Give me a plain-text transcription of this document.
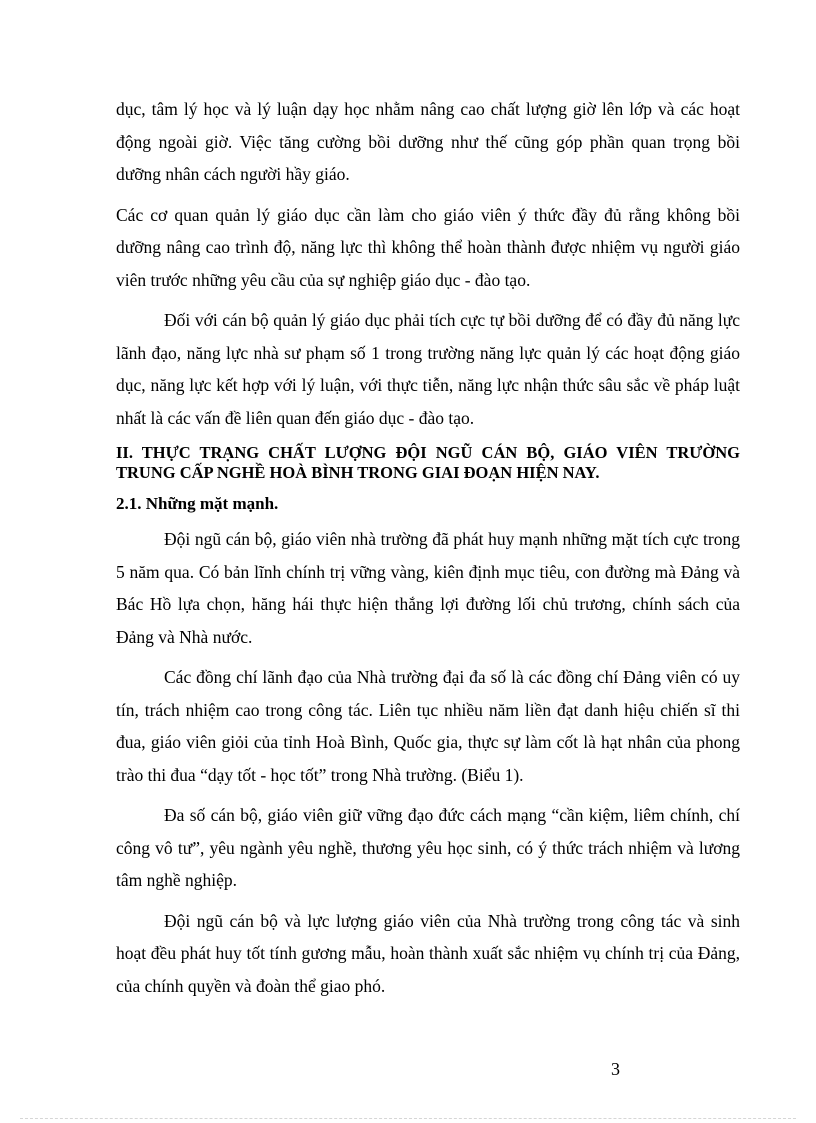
dục, tâm lý học và lý luận dạy học nhằm nâng cao chất lượng giờ lên lớp và các hoạt động ngoài giờ. Việc tăng cường bồi dưỡng như thế cũng góp phần quan trọng bồi dưỡng nhân cách người hầy giáo.

Các cơ quan quản lý giáo dục cần làm cho giáo viên ý thức đầy đủ rằng không bồi dưỡng nâng cao trình độ, năng lực thì không thể hoàn thành được nhiệm vụ người giáo viên trước những yêu cầu của sự nghiệp giáo dục - đào tạo.

Đối với cán bộ quản lý giáo dục phải tích cực tự bồi dưỡng để có đầy đủ năng lực lãnh đạo, năng lực nhà sư phạm số 1 trong trường năng lực quản lý các hoạt động giáo dục, năng lực kết hợp với lý luận, với thực tiễn, năng lực nhận thức sâu sắc về pháp luật nhất là các vấn đề liên quan đến giáo dục - đào tạo.

II. THỰC TRẠNG CHẤT LƯỢNG ĐỘI NGŨ CÁN BỘ, GIÁO VIÊN TRƯỜNG TRUNG CẤP NGHỀ HOÀ BÌNH TRONG GIAI ĐOẠN HIỆN NAY.
2.1. Những mặt mạnh.

Đội ngũ cán bộ, giáo viên nhà trường đã phát huy mạnh những mặt tích cực trong 5 năm qua. Có bản lĩnh chính trị vững vàng, kiên định mục tiêu, con đường mà Đảng và Bác Hồ lựa chọn, hăng hái thực hiện thắng lợi đường lối chủ trương, chính sách của Đảng và Nhà nước.

Các đồng chí lãnh đạo của Nhà trường đại đa số là các đồng chí Đảng viên có uy tín, trách nhiệm cao trong công tác. Liên tục nhiều năm liền đạt danh hiệu chiến sĩ thi đua, giáo viên giỏi của tỉnh Hoà Bình, Quốc gia, thực sự làm cốt là hạt nhân của phong trào thi đua “dạy tốt - học tốt” trong Nhà trường. (Biểu 1).

Đa số cán bộ, giáo viên giữ vững đạo đức cách mạng “cần kiệm, liêm chính, chí công vô tư”, yêu ngành yêu nghề, thương yêu học sinh, có ý thức trách nhiệm và lương tâm nghề nghiệp.

Đội ngũ cán bộ và lực lượng giáo viên của Nhà trường trong công tác và sinh hoạt đều phát huy tốt tính gương mẫu, hoàn thành xuất sắc nhiệm vụ chính trị của Đảng, của chính quyền và đoàn thể giao phó.

3
